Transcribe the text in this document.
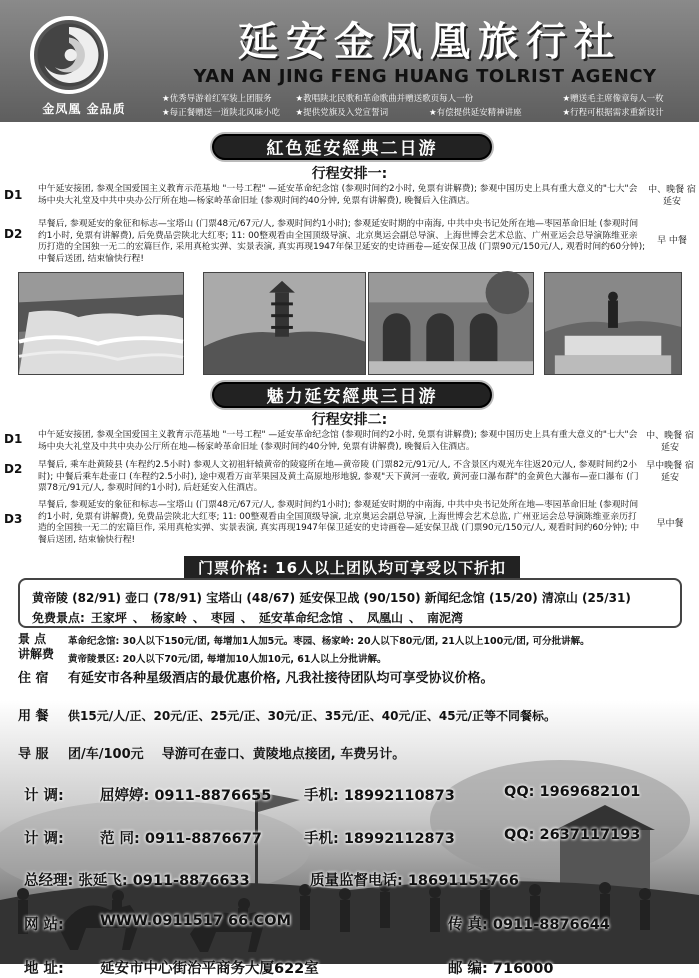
金凤凰 金品质
延安金凤凰旅行社
YAN AN JING FENG HUANG TOLRIST AGENCY
★优秀导游着红军装上团服务	★教唱陕北民歌和革命歌曲并赠送歌页每人一份	★赠送毛主席像章每人一枚
★每正餐赠送一道陕北风味小吃	★提供党旗及入党宣誓词	★有偿提供延安精神讲座	★行程可根据需求重新设计
紅色延安經典二日游
行程安排一:
D1	中午延安接团, 参观全国爱国主义教育示范基地 "一号工程" —延安革命纪念馆 (参观时间约2小时, 免票有讲解费); 参观中国历史上具有重大意义的"七大"会场中央大礼堂及中共中央办公厅所在地—杨家岭革命旧址 (参观时间约40分钟, 免票有讲解费), 晚餐后入住酒店。
中、晚餐 宿延安
D2
早餐后, 参观延安的象征和标志—宝塔山 (门票48元/67元/人, 参观时间约1小时); 参观延安时期的中南海, 中共中央书记处所在地—枣园革命旧址 (参观时间约1小时, 免票有讲解费), 后免费品尝陕北大红枣; 11: 00整观看由全国顶级导演、北京奥运会副总导演、上海世博会艺术总监、广州亚运会总导演陈维亚亲历打造的全国独一无二的宏篇巨作, 采用真枪实弹、实景表演, 真实再现1947年保卫延安的史诗画卷—延安保卫战 (门票90元/150元/人, 观看时间约60分钟); 中餐后送团, 结束愉快行程!
早 中餐
魅力延安經典三日游
行程安排二:
D1	中午延安接团, 参观全国爱国主义教育示范基地 "一号工程" —延安革命纪念馆 (参观时间约2小时, 免票有讲解费); 参观中国历史上具有重大意义的"七大"会场中央大礼堂及中共中央办公厅所在地—杨家岭革命旧址 (参观时间约40分钟, 免票有讲解费), 晚餐后入住酒店。
中、晚餐 宿延安
D2	早餐后, 乘车赴黄陵县 (车程约2.5小时) 参观人文初祖轩辕黄帝的陵寝所在地—黄帝陵 (门票82元/91元/人, 不含景区内观光车往返20元/人, 参观时间约2小时); 中餐后乘车赴壶口 (车程约2.5小时), 途中观看万亩苹果园及黄土高原地形地貌, 参观"天下黄河一壶收, 黄河壶口瀑布群"的金黄色大瀑布—壶口瀑布 (门票78元/91元/人, 参观时间约1小时), 后赶延安入住酒店。
早中晚餐 宿延安
D3
早餐后, 参观延安的象征和标志—宝塔山 (门票48元/67元/人, 参观时间约1小时); 参观延安时期的中南海, 中共中央书记处所在地—枣园革命旧址 (参观时间约1小时, 免票有讲解费), 免费品尝陕北大红枣; 11: 00整观看由全国顶级导演, 北京奥运会副总导演, 上海世博会艺术总监, 广州亚运会总导演陈维亚亲历打造的全国独一无二的宏篇巨作, 采用真枪实弹、实景表演, 真实再现1947年保卫延安的史诗画卷—延安保卫战 (门票90元/150元/人, 观看时间约60分钟); 中餐后送团, 结束愉快行程!
早中餐
门票价格: 16人以上团队均可享受以下折扣
黄帝陵 (82/91) 壶口 (78/91) 宝塔山 (48/67) 延安保卫战 (90/150) 新闻纪念馆 (15/20) 清凉山 (25/31)
免费景点: 王家坪 、 杨家岭 、 枣园 、 延安革命纪念馆 、 凤凰山 、 南泥湾
景 点 讲解费
革命纪念馆: 30人以下150元/团, 每增加1人加5元。枣园、杨家岭: 20人以下80元/团, 21人以上100元/团, 可分批讲解。
黄帝陵景区: 20人以下70元/团, 每增加10人加10元, 61人以上分批讲解。
住 宿 有延安市各种星级酒店的最优惠价格, 凡我社接待团队均可享受协议价格。
用 餐 供15元/人/正、20元/正、25元/正、30元/正、35元/正、40元/正、45元/正等不同餐标。
导 服 团/车/100元    导游可在壶口、黄陵地点接团, 车费另计。
计 调: 屈婷婷: 0911-8876655 手机: 18992110873	QQ: 1969682101
计 调: 范 同: 0911-8876677	手机: 18992112873	QQ: 2637117193
总经理: 张延飞: 0911-8876633	质量监督电话: 18691151766
网 站: WWW.0911517 66.COM	传 真: 0911-8876644
地 址: 延安市中心街治平商务大厦622室	邮 编: 716000
